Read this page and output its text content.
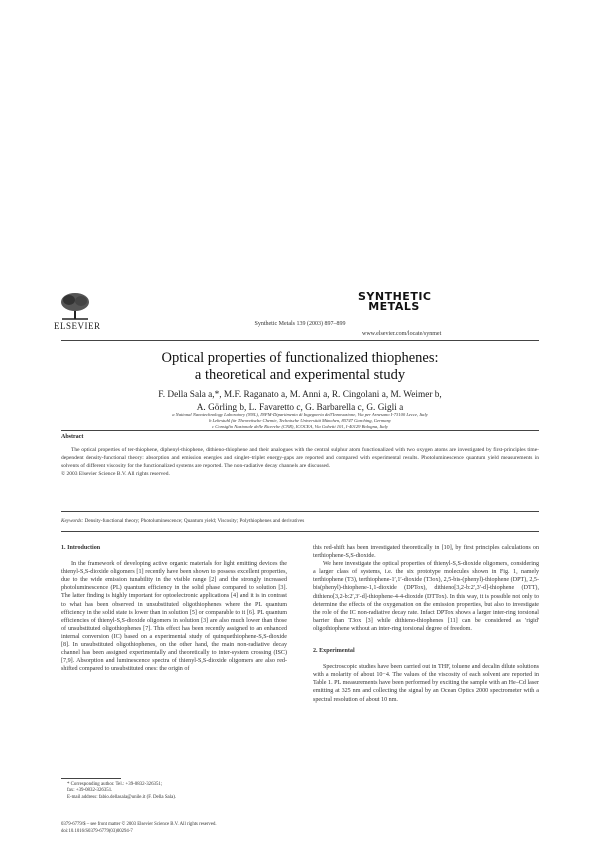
ELSEVIER	Synthetic Metals 139 (2003) 897–899
SYNTHETIC
METALS
www.elsevier.com/locate/synmet
Optical properties of functionalized thiophenes:
a theoretical and experimental study
F. Della Sala a,*, M.F. Raganato a, M. Anni a, R. Cingolani a, M. Weimer b,
A. Görling b, L. Favaretto c, G. Barbarella c, G. Gigli a
a National Nanotechnology Laboratory (NNL), INFM-Dipartimento di Ingegneria dell'Innovazione, Via per Arnesano I-73100 Lecce, Italy
b Lehrstuhl für Theoretische Chemie, Technische Universität München, 85747 Garching, Germany
c Consiglio Nazionale delle Ricerche (CNR), ICOCEA, Via Gobetti 101, I-40129 Bologna, Italy
Abstract
The optical properties of ter-thiophene, diphenyl-thiophene, dithieno-thiophene and their analogues with the central sulphur atom functionalized with two oxygen atoms are investigated by first-principles time-dependent density-functional theory: absorption and emission energies and singlet–triplet energy-gaps are reported and compared with experimental results. Photoluminescence quantum yield measurements in solvents of different viscosity for the functionalized systems are reported. The non-radiative decay channels are discussed.
© 2003 Elsevier Science B.V. All rights reserved.
Keywords: Density-functional theory; Photoluminescence; Quantum yield; Viscosity; Polythiophenes and derivatives

1. Introduction

In the framework of developing active organic materials for light emitting devices the thienyl-S,S-dioxide oligomers [1] recently have been shown to possess excellent properties, due to the wide emission tunability in the visible range [2] and the strongly increased photoluminescence (PL) quantum efficiency in the solid phase compared to solution [3]. The latter finding is highly important for optoelectronic applications [4] and it is in contrast to what has been observed in unsubstituted oligothiophenes where the PL quantum efficiency in the solid state is lower than in solution [5] or comparable to it [6]. PL quantum efficiencies of thienyl-S,S-dioxide oligomers in solution [3] are also much lower than those of unsubstituted oligothiophenes [7]. This effect has been recently assigned to an enhanced internal conversion (IC) based on a experimental study of quinquethiophene-S,S-dioxide [8]. In unsubstituted oligothiophenes, on the other hand, the main non-radiative decay channel has been assigned experimentally and theoretically to inter-system crossing (ISC) [7,9]. Absorption and luminescence spectra of thienyl-S,S-dioxide oligomers are also red-shifted compared to unsubstituted ones: the origin of

* Corresponding author. Tel.: +39-0832-326351;
fax: +39-0832-326351.
E-mail address: fabio.dellasala@unile.it (F. Della Sala).

this red-shift has been investigated theoretically in [10], by first principles calculations on terthiophene-S,S-dioxide.

We here investigate the optical properties of thienyl-S,S-dioxide oligomers, considering a larger class of systems, i.e. the six prototype molecules shown in Fig. 1, namely terthiophene (T3), terthiophene-1′,1′-dioxide (T3ox), 2,5-bis-(phenyl)-thiophene (DPT), 2,5-bis(phenyl)-thiophene-1,1-dioxide (DPTox), dithieno[3,2-b:2′,3′-d]-thiophene (DTT), dithieno[3,2-b:2′,3′-d]-thiophene-4-4-dioxide (DTTox). In this way, it is possible not only to determine the effects of the oxygenation on the emission properties, but also to investigate the role of the IC non-radiative decay rate. Infact DPTox shows a larger inter-ring torsional barrier than T3ox [3] while dithieno-thiophenes [11] can be considered as 'rigid' oligothiophene without an inter-ring torsional degree of freedom.

2. Experimental

Spectroscopic studies have been carried out in THF, toluene and decalin dilute solutions with a molarity of about 10−4. The values of the viscosity of each solvent are reported in Table 1. PL measurements have been performed by exciting the sample with an He–Cd laser emitting at 325 nm and collecting the signal by an Ocean Optics 2000 spectrometer with a spectral resolution of about 10 nm.

0379-6779/$ – see front matter © 2003 Elsevier Science B.V. All rights reserved.
doi:10.1016/S0379-6779(03)00294-7
